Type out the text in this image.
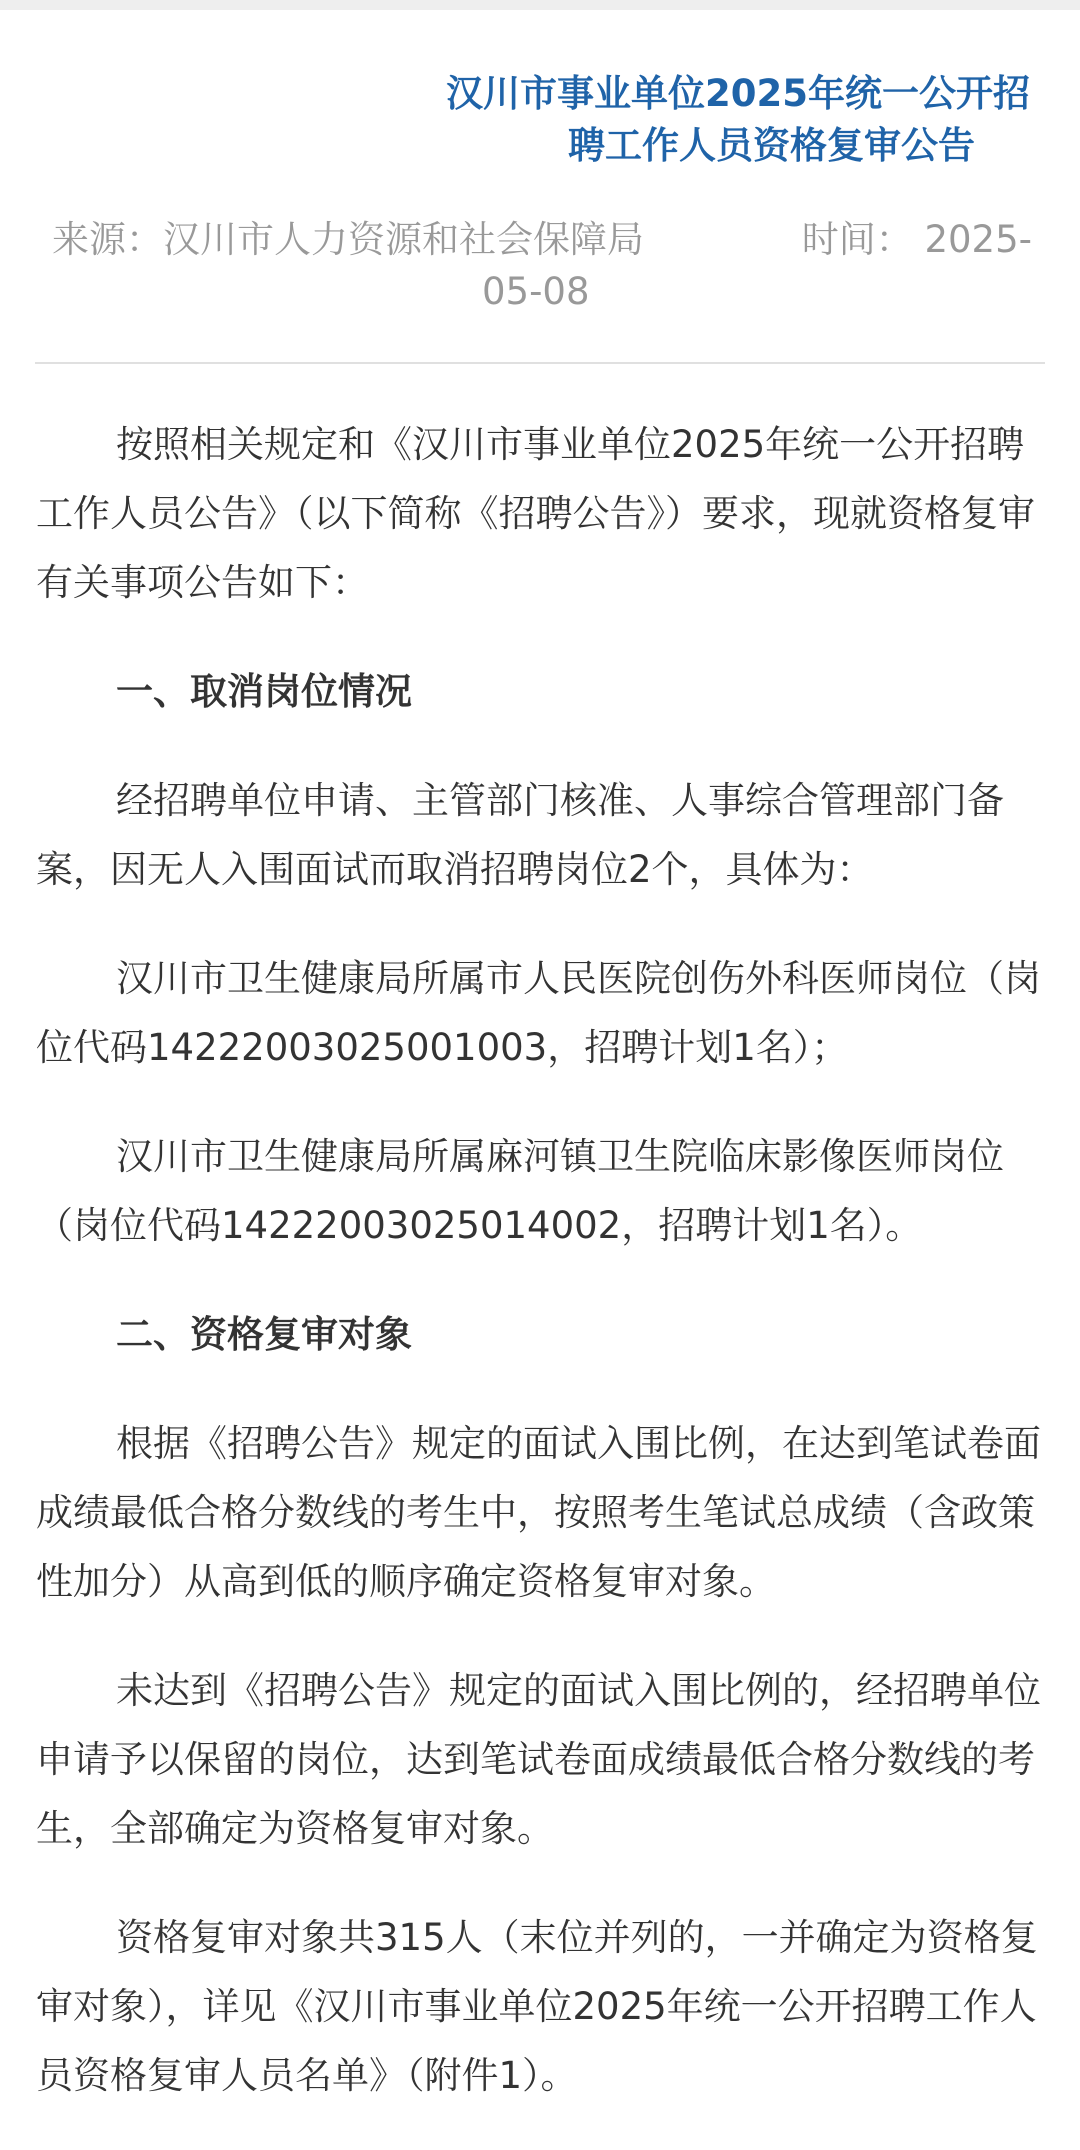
汉川市事业单位2025年统一公开招
聘工作人员资格复审公告
来源：汉川市人力资源和社会保障局	时间： 2025-
05-08

按照相关规定和《汉川市事业单位2025年统一公开招聘工作人员公告》（以下简称《招聘公告》）要求，现就资格复审有关事项公告如下：

一、取消岗位情况

经招聘单位申请、主管部门核准、人事综合管理部门备案，因无人入围面试而取消招聘岗位2个，具体为：

汉川市卫生健康局所属市人民医院创伤外科医师岗位（岗位代码14222003025001003，招聘计划1名）；

汉川市卫生健康局所属麻河镇卫生院临床影像医师岗位（岗位代码14222003025014002，招聘计划1名）。

二、资格复审对象

根据《招聘公告》规定的面试入围比例，在达到笔试卷面成绩最低合格分数线的考生中，按照考生笔试总成绩（含政策性加分）从高到低的顺序确定资格复审对象。

未达到《招聘公告》规定的面试入围比例的，经招聘单位申请予以保留的岗位，达到笔试卷面成绩最低合格分数线的考生，全部确定为资格复审对象。

资格复审对象共315人（末位并列的，一并确定为资格复审对象），详见《汉川市事业单位2025年统一公开招聘工作人员资格复审人员名单》（附件1）。
